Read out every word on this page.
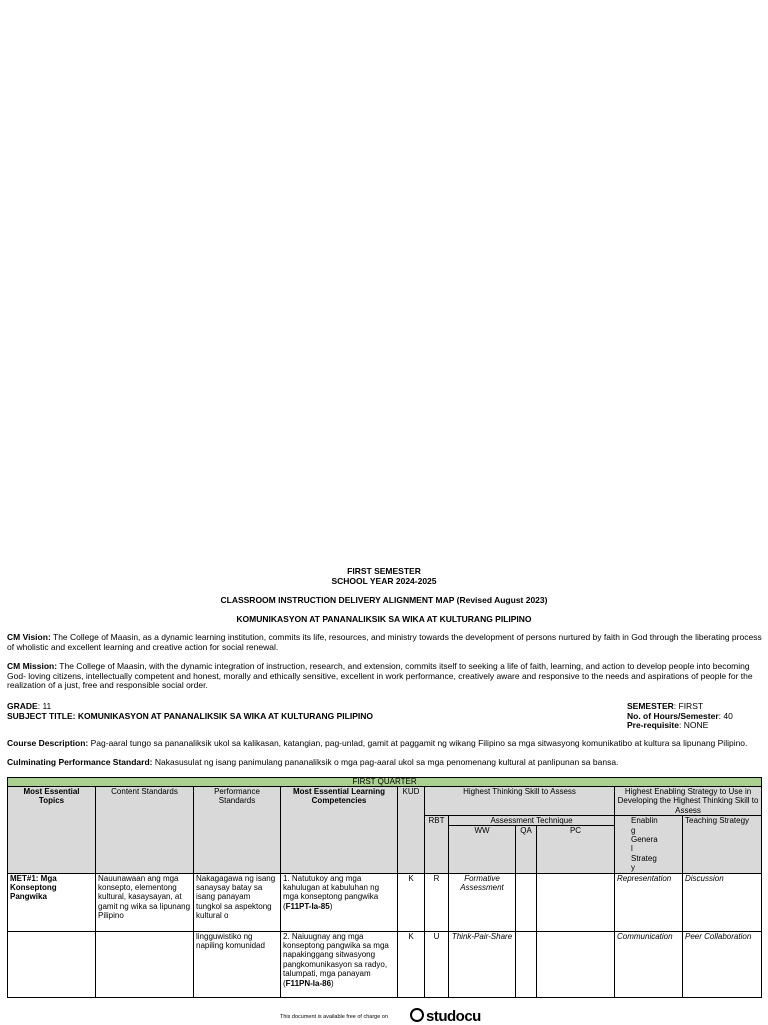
FIRST SEMESTER
SCHOOL YEAR 2024-2025
CLASSROOM INSTRUCTION DELIVERY ALIGNMENT MAP (Revised August 2023)
KOMUNIKASYON AT PANANALIKSIK SA WIKA AT KULTURANG PILIPINO
CM Vision: The College of Maasin, as a dynamic learning institution, commits its life, resources, and ministry towards the development of persons nurtured by faith in God through the liberating process of wholistic and excellent learning and creative action for social renewal.
CM Mission: The College of Maasin, with the dynamic integration of instruction, research, and extension, commits itself to seeking a life of faith, learning, and action to develop people into becoming God- loving citizens, intellectually competent and honest, morally and ethically sensitive, excellent in work performance, creatively aware and responsive to the needs and aspirations of people for the realization of a just, free and responsible social order.
GRADE: 11
SUBJECT TITLE: KOMUNIKASYON AT PANANALIKSIK SA WIKA AT KULTURANG PILIPINO
SEMESTER: FIRST
No. of Hours/Semester: 40
Pre-requisite: NONE
Course Description: Pag-aaral tungo sa pananaliksik ukol sa kalikasan, katangian, pag-unlad, gamit at paggamit ng wikang Filipino sa mga sitwasyong komunikatibo at kultura sa lipunang Pilipino.
Culminating Performance Standard: Nakasusulat ng isang panimulang pananaliksik o mga pag-aaral ukol sa mga penomenang kultural at panlipunan sa bansa.
FIRST QUARTER										
Most Essential Topics	Content Standards	Performance Standards	Most Essential Learning Competencies	KUD	Highest Thinking Skill to Assess				Highest Enabling Strategy to Use in Developing the Highest Thinking Skill to Assess	
					RBT	Assessment Technique			Enablin g Genera l Strateg y	Teaching Strategy
						WW	QA	PC		
MET#1: Mga Konseptong Pangwika	Nauunawaan ang mga konsepto, elementong kultural, kasaysayan, at gamit ng wika sa lipunang Pilipino	Nakagagawa ng isang sanaysay batay sa isang panayam tungkol sa aspektong kultural o	1. Natutukoy ang mga kahulugan at kabuluhan ng mga konseptong pangwika (F11PT-Ia-85)	K	R	Formative Assessment			Representation	Discussion
		lingguwistiko ng napiling komunidad	2. Naiuugnay ang mga konseptong pangwika sa mga napakinggang sitwasyong pangkomunikasyon sa radyo, talumpati, mga panayam (F11PN-Ia-86)	K	U	Think-Pair-Share			Communication	Peer Collaboration
This document is available free of charge on	studocu
